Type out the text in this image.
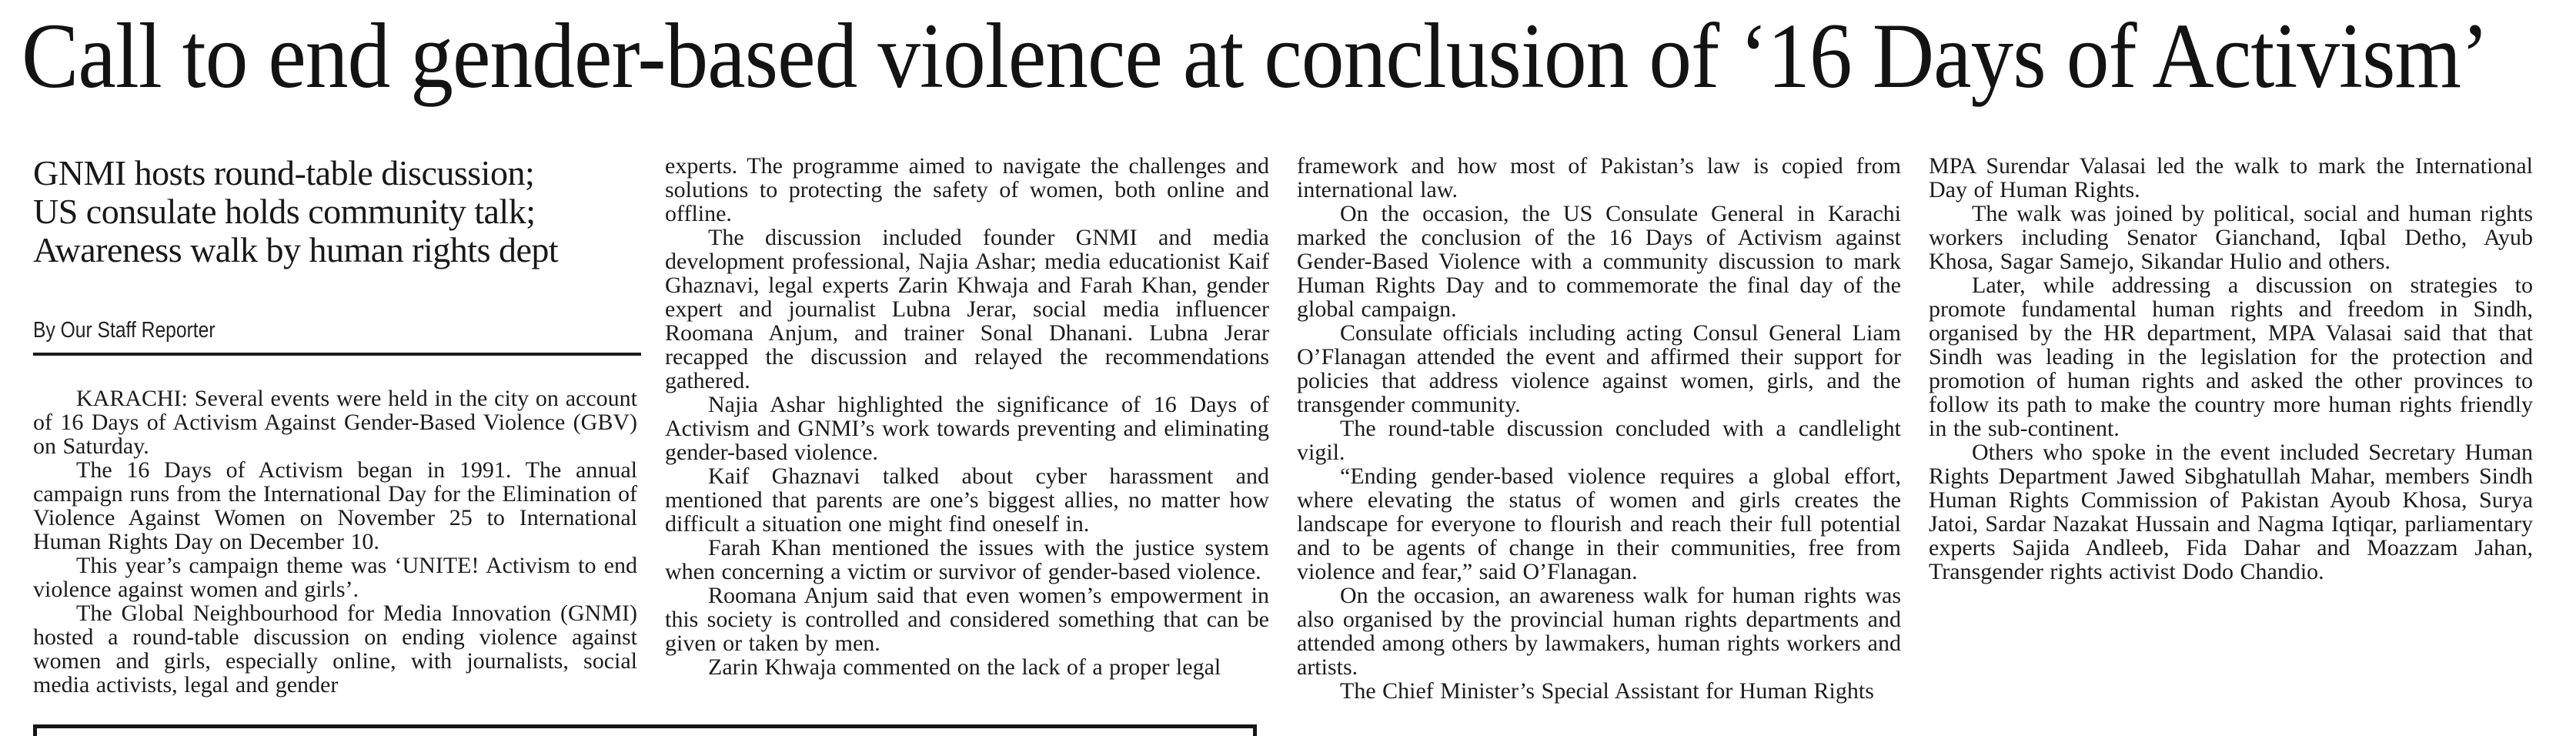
Call to end gender-based violence at conclusion of ‘16 Days of Activism’
GNMI hosts round-table discussion;
US consulate holds community talk;
Awareness walk by human rights dept
By Our Staff Reporter

KARACHI: Several events were held in the city on account of 16 Days of Activism Against Gender-Based Violence (GBV) on Saturday.

The 16 Days of Activism began in 1991. The annual campaign runs from the International Day for the Elimination of Violence Against Women on November 25 to International Human Rights Day on December 10.

This year’s campaign theme was ‘UNITE! Activism to end violence against women and girls’.

The Global Neighbourhood for Media Innovation (GNMI) hosted a round-table discussion on ending violence against women and girls, especially online, with journalists, social media activists, legal and gender

experts. The programme aimed to navigate the challenges and solutions to protecting the safety of women, both online and offline.

The discussion included founder GNMI and media development professional, Najia Ashar; media educationist Kaif Ghaznavi, legal experts Zarin Khwaja and Farah Khan, gender expert and journalist Lubna Jerar, social media influencer Roomana Anjum, and trainer Sonal Dhanani. Lubna Jerar recapped the discussion and relayed the recommendations gathered.

Najia Ashar highlighted the significance of 16 Days of Activism and GNMI’s work towards preventing and eliminating gender-based violence.

Kaif Ghaznavi talked about cyber harassment and mentioned that parents are one’s biggest allies, no matter how difficult a situation one might find oneself in.

Farah Khan mentioned the issues with the justice system when concerning a victim or survivor of gender-based violence.

Roomana Anjum said that even women’s empowerment in this society is controlled and considered something that can be given or taken by men.

Zarin Khwaja commented on the lack of a proper legal

framework and how most of Pakistan’s law is copied from international law.

On the occasion, the US Consulate General in Karachi marked the conclusion of the 16 Days of Activism against Gender-Based Violence with a community discussion to mark Human Rights Day and to commemorate the final day of the global campaign.

Consulate officials including acting Consul General Liam O’Flanagan attended the event and affirmed their support for policies that address violence against women, girls, and the transgender community.

The round-table discussion concluded with a candlelight vigil.

“Ending gender-based violence requires a global effort, where elevating the status of women and girls creates the landscape for everyone to flourish and reach their full potential and to be agents of change in their communities, free from violence and fear,” said O’Flanagan.

On the occasion, an awareness walk for human rights was also organised by the provincial human rights departments and attended among others by lawmakers, human rights workers and artists.

The Chief Minister’s Special Assistant for Human Rights

MPA Surendar Valasai led the walk to mark the International Day of Human Rights.

The walk was joined by political, social and human rights workers including Senator Gianchand, Iqbal Detho, Ayub Khosa, Sagar Samejo, Sikandar Hulio and others.

Later, while addressing a discussion on strategies to promote fundamental human rights and freedom in Sindh, organised by the HR department, MPA Valasai said that that Sindh was leading in the legislation for the protection and promotion of human rights and asked the other provinces to follow its path to make the country more human rights friendly in the sub-continent.

Others who spoke in the event included Secretary Human Rights Department Jawed Sibghatullah Mahar, members Sindh Human Rights Commission of Pakistan Ayoub Khosa, Surya Jatoi, Sardar Nazakat Hussain and Nagma Iqtiqar, parliamentary experts Sajida Andleeb, Fida Dahar and Moazzam Jahan, Transgender rights activist Dodo Chandio.
